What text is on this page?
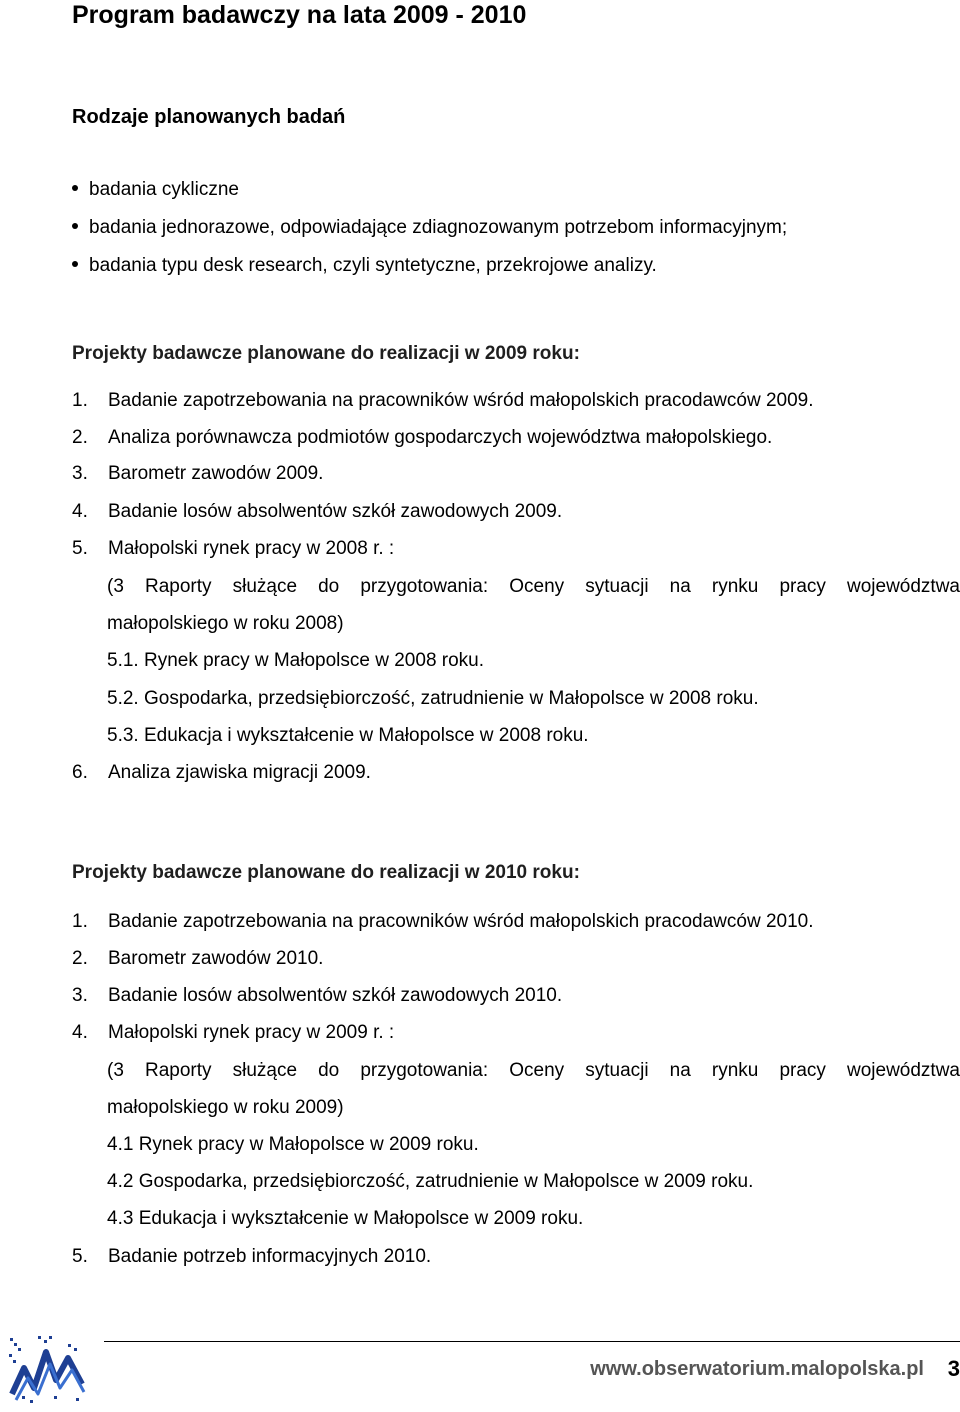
Program badawczy na lata 2009 - 2010
Rodzaje planowanych badań
badania cykliczne
badania jednorazowe, odpowiadające zdiagnozowanym potrzebom informacyjnym;
badania typu desk research, czyli syntetyczne, przekrojowe analizy.
Projekty badawcze planowane do realizacji w 2009 roku:
1. Badanie zapotrzebowania na pracowników wśród małopolskich pracodawców 2009.
2. Analiza porównawcza podmiotów gospodarczych województwa małopolskiego.
3. Barometr zawodów 2009.
4. Badanie losów absolwentów szkół zawodowych 2009.
5. Małopolski rynek pracy w 2008 r. :
(3 Raporty służące do przygotowania: Oceny sytuacji na rynku pracy województwa
małopolskiego w roku 2008)
5.1. Rynek pracy w Małopolsce w 2008 roku.
5.2. Gospodarka, przedsiębiorczość, zatrudnienie w Małopolsce w 2008 roku.
5.3. Edukacja i wykształcenie w Małopolsce w 2008 roku.
6. Analiza zjawiska migracji 2009.
Projekty badawcze planowane do realizacji w 2010 roku:
1. Badanie zapotrzebowania na pracowników wśród małopolskich pracodawców 2010.
2. Barometr zawodów 2010.
3. Badanie losów absolwentów szkół zawodowych 2010.
4. Małopolski rynek pracy w 2009 r. :
(3 Raporty służące do przygotowania: Oceny sytuacji na rynku pracy województwa
małopolskiego w roku 2009)
4.1 Rynek pracy w Małopolsce w 2009 roku.
4.2 Gospodarka, przedsiębiorczość, zatrudnienie w Małopolsce w 2009 roku.
4.3 Edukacja i wykształcenie w Małopolsce w 2009 roku.
5. Badanie potrzeb informacyjnych 2010.
www.obserwatorium.malopolska.pl	3
